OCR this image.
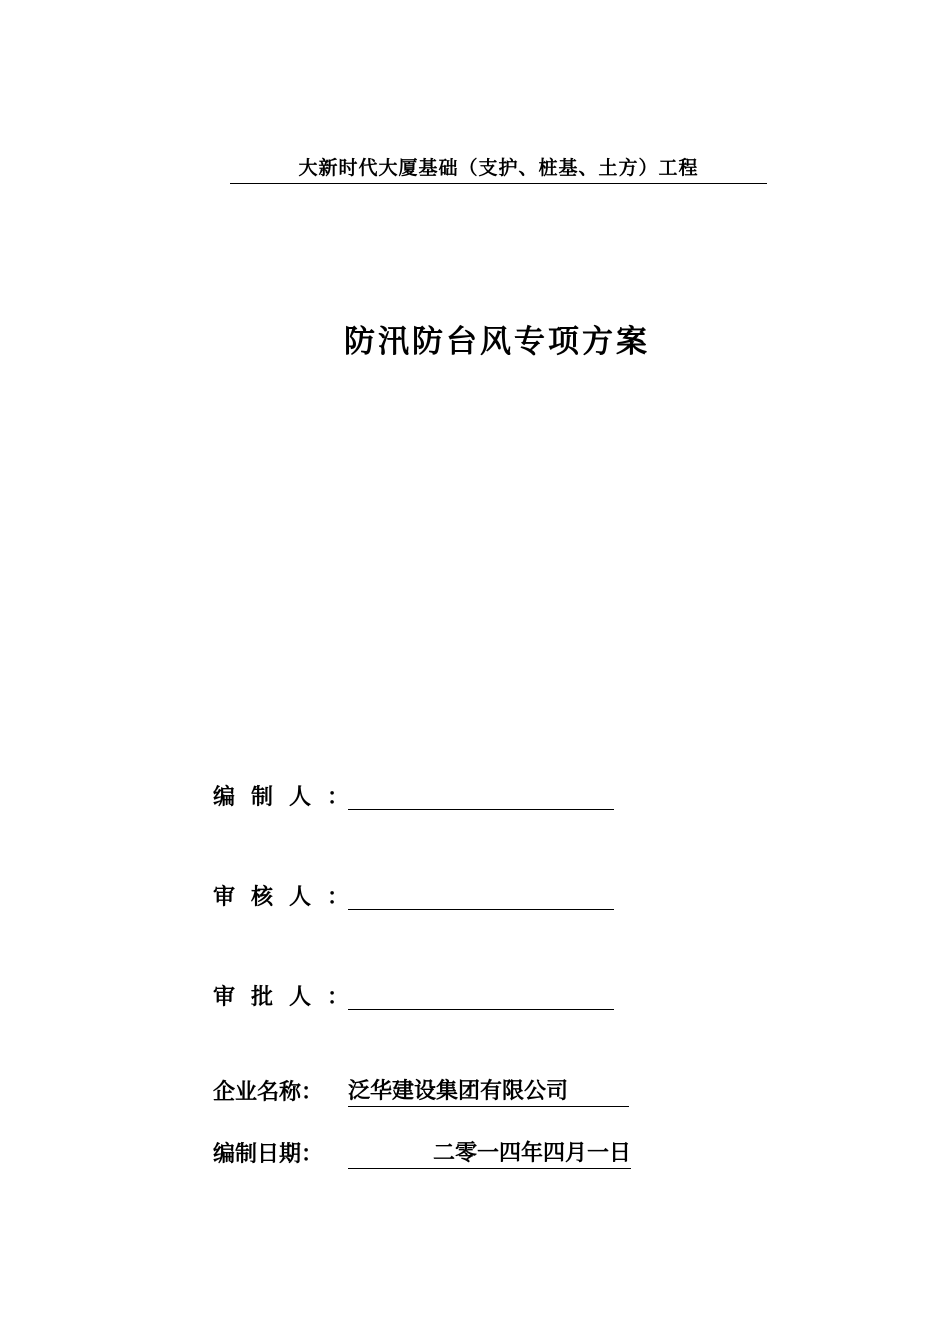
大新时代大厦基础（支护、桩基、土方）工程
防汛防台风专项方案
编制人：
审核人：
审批人：
企业名称： 泛华建设集团有限公司
编制日期：	二零一四年四月一日
